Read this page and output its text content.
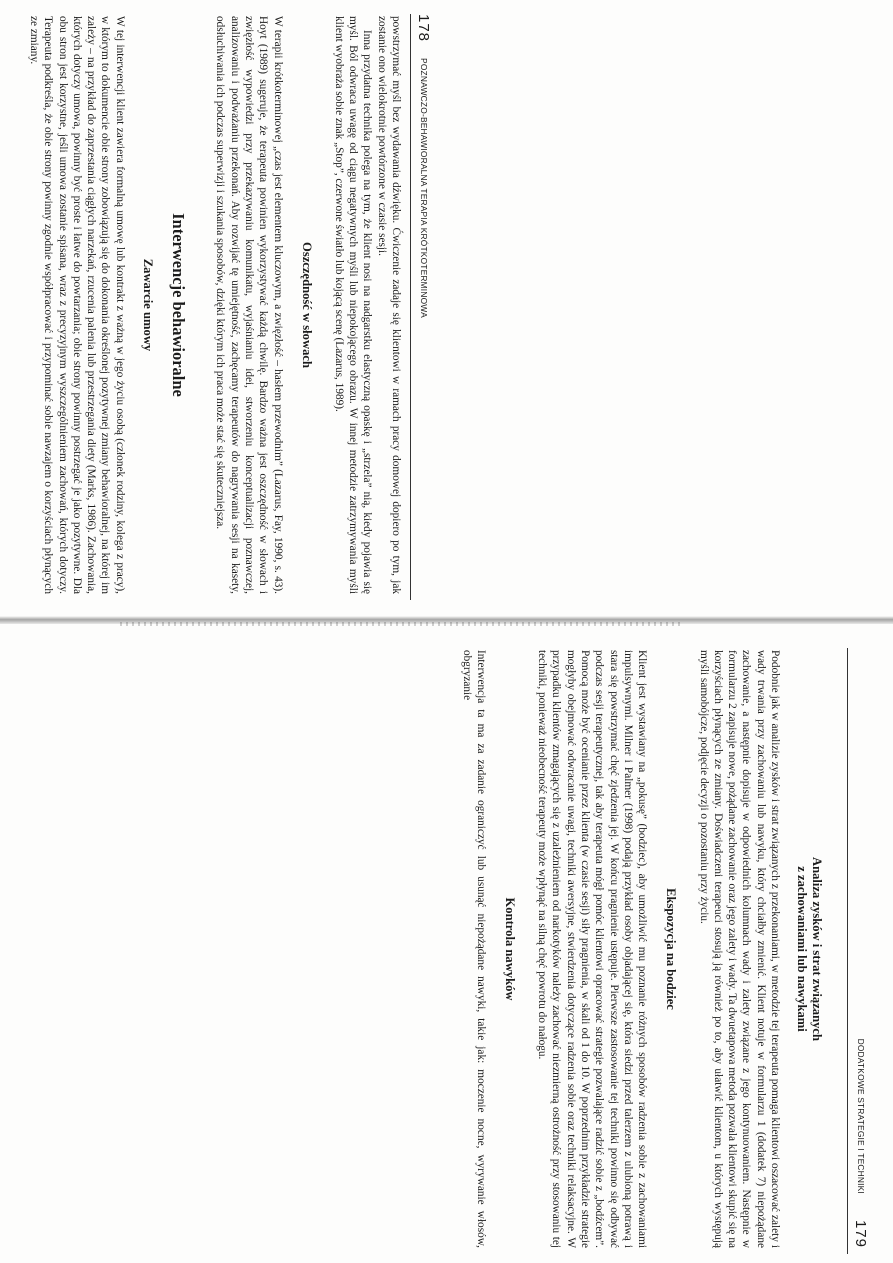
178
POZNAWCZO-BEHAWIORALNA TERAPIA KRÓTKOTERMINOWA

powstrzymać myśl bez wydawania dźwięku. Ćwiczenie zadaje się klientowi w ramach pracy domowej dopiero po tym, jak zostanie ono wielokrotnie powtórzone w czasie sesji.

Inna przydatna technika polega na tym, że klient nosi na nadgarstku elastyczną opaskę i „strzela” nią, kiedy pojawia się myśl. Ból odwraca uwagę od ciągu negatywnych myśli lub niepokojącego obrazu. W innej metodzie zatrzymywania myśli klient wyobraża sobie znak „Stop”, czerwone światło lub kojącą scenę (Lazarus, 1989).

Oszczędność w słowach

W terapii krótkoterminowej „czas jest elementem kluczowym, a zwięzłość – hasłem przewodnim” (Lazarus, Fay, 1990, s. 43). Hoyt (1989) sugeruje, że terapeuta powinien wykorzystywać każdą chwilę. Bardzo ważna jest oszczędność w słowach i zwięzłość wypowiedzi przy przekazywaniu komunikatu, wyjaśnianiu idei, stworzeniu konceptualizacji poznawczej, analizowaniu i podważaniu przekonań. Aby rozwijać tę umiejętność, zachęcamy terapeutów do nagrywania sesji na kasety, odsłuchiwania ich podczas superwizji i szukania sposobów, dzięki którym ich praca może stać się skuteczniejsza.

Interwencje behawioralne
Zawarcie umowy

W tej interwencji klient zawiera formalną umowę lub kontrakt z ważną w jego życiu osobą (członek rodziny, kolega z pracy), w którym to dokumencie obie strony zobowiązują się do dokonania określonej pozytywnej zmiany behawioralnej, na której im zależy – na przykład do zaprzestania ciągłych narzekań, rzucenia palenia lub przestrzegania diety (Marks, 1986). Zachowania, których dotyczy umowa, powinny być proste i łatwe do powtarzania; obie strony powinny postrzegać je jako pozytywne. Dla obu stron jest korzystne, jeśli umowa zostanie spisana, wraz z precyzyjnym wyszczególnieniem zachowań, których dotyczy. Terapeuta podkreśla, że obie strony powinny zgodnie współpracować i przypominać sobie nawzajem o korzyściach płynących ze zmiany.

DODATKOWE STRATEGIE I TECHNIKI
179
Analiza zysków i strat związanych
z zachowaniami lub nawykami

Podobnie jak w analizie zysków i strat związanych z przekonaniami, w metodzie tej terapeuta pomaga klientowi oszacować zalety i wady trwania przy zachowaniu lub nawyku, który chciałby zmienić. Klient notuje w formularzu 1 (dodatek 7) niepożądane zachowanie, a następnie dopisuje w odpowiednich kolumnach wady i zalety związane z jego kontynuowaniem. Następnie w formularzu 2 zapisuje nowe, pożądane zachowanie oraz jego zalety i wady. Ta dwuetapowa metoda pozwala klientowi skupić się na korzyściach płynących ze zmiany. Doświadczeni terapeuci stosują ją również po to, aby ułatwić klientom, u których występują myśli samobójcze, podjęcie decyzji o pozostaniu przy życiu.

Ekspozycja na bodziec

Klient jest wystawiany na „pokusę” (bodziec), aby umożliwić mu poznanie różnych sposobów radzenia sobie z zachowaniami impulsywnymi. Milner i Palmer (1998) podają przykład osoby objadającej się, która siedzi przed talerzem z ulubioną potrawą i stara się powstrzymać chęć zjedzenia jej. W końcu pragnienie ustępuje. Pierwsze zastosowanie tej techniki powinno się odbywać podczas sesji terapeutycznej, tak aby terapeuta mógł pomóc klientowi opracować strategie pozwalające radzić sobie z „bodźcem”. Pomocą może być ocenianie przez klienta (w czasie sesji) siły pragnienia, w skali od 1 do 10. W poprzednim przykładzie strategie mogłyby obejmować odwracanie uwagi, techniki awersyjne, stwierdzenia dotyczące radzenia sobie oraz techniki relaksacyjne. W przypadku klientów zmagających się z uzależnieniem od narkotyków należy zachować niezmierną ostrożność przy stosowaniu tej techniki, ponieważ nieobecność terapeuty może wpłynąć na silną chęć powrotu do nałogu.

Kontrola nawyków

Interwencja ta ma za zadanie ograniczyć lub usunąć niepożądane nawyki, takie jak: moczenie nocne, wyrywanie włosów, obgryzanie
